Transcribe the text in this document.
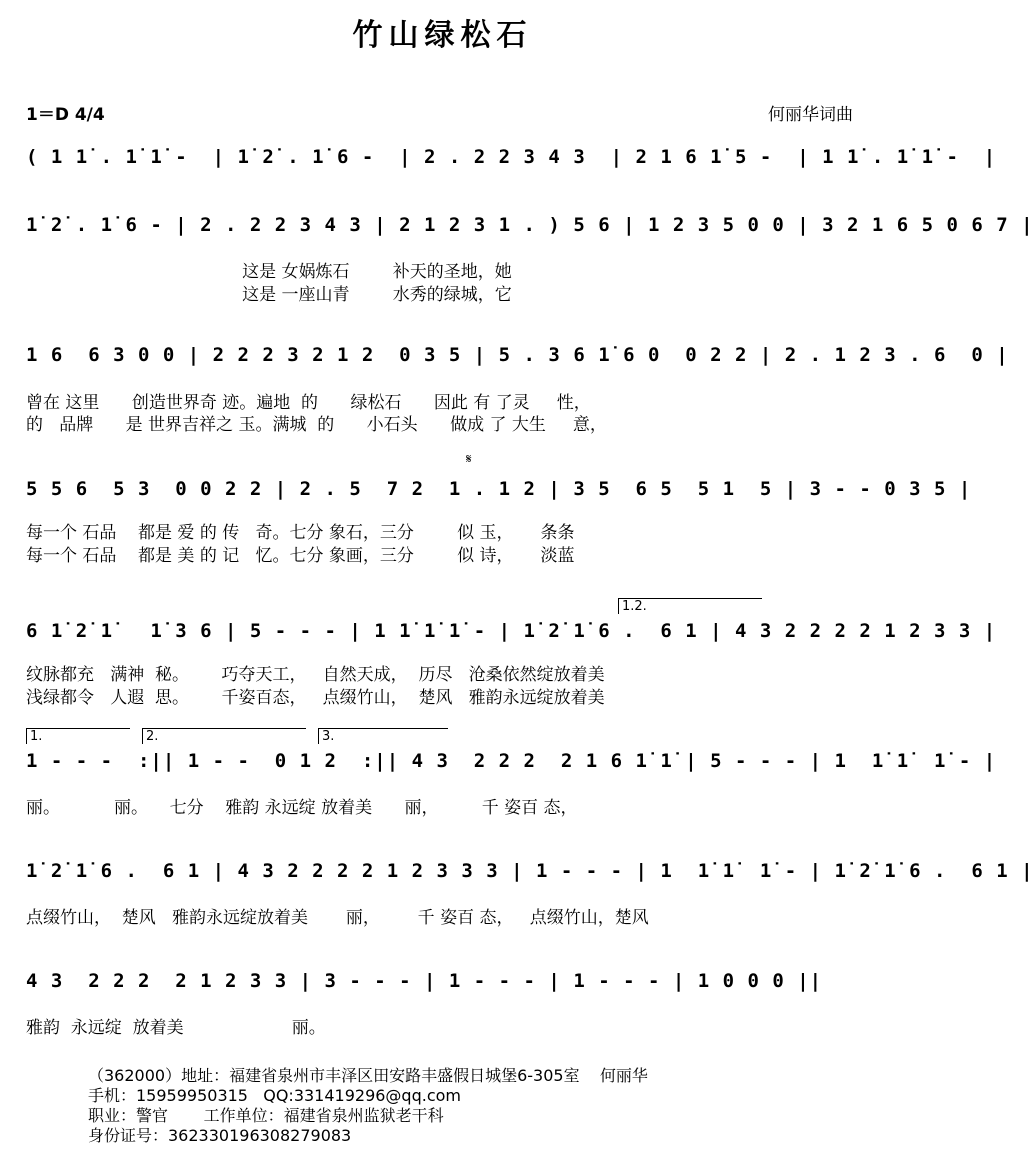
竹山绿松石
1＝D 4/4	何丽华词曲
( 1 1̇ . 1̇ 1̇ -  | 1̇ 2̇ . 1̇ 6 -  | 2 . 2 2 3 4 3  | 2 1 6 1̇ 5 -  | 1 1̇ . 1̇ 1̇ -  |
1̇ 2̇ . 1̇ 6 - | 2 . 2 2 3 4 3 | 2 1 2 3 1 . ) 5 6 | 1 2 3 5 0 0 | 3 2 1 6 5 0 6 7 |
这是 女娲炼石        补天的圣地，她
这是 一座山青        水秀的绿城，它
1 6  6 3 0 0 | 2 2 2 3 2 1 2  0 3 5 | 5 . 3 6 1̇ 6 0  0 2 2 | 2 . 1 2 3 . 6  0 |
曾在 这里      创造世界奇 迹。遍地  的      绿松石      因此 有 了灵     性，
的   品牌      是 世界吉祥之 玉。满城  的      小石头      做成 了 大生     意，
𝄋
5 5 6  5 3  0 0 2 2 | 2 . 5  7 2  1 . 1 2 | 3 5  6 5  5 1  5 | 3 - - 0 3 5 |
每一个 石品    都是 爱 的 传   奇。七分 象石，三分        似 玉，     条条
每一个 石品    都是 美 的 记   忆。七分 象画，三分        似 诗，     淡蓝
1.2.
6 1̇ 2̇ 1̇   1̇ 3 6 | 5 - - - | 1 1̇ 1̇ 1̇ - | 1̇ 2̇ 1̇ 6 .  6 1 | 4 3 2 2 2 2 1 2 3 3 |
纹脉都充   满神  秘。      巧夺天工，   自然天成，  历尽   沧桑依然绽放着美
浅绿都令   人遐  思。      千姿百态，   点缀竹山，  楚风   雅韵永远绽放着美
1.	2.	3.
1 - - -  :|| 1 - -  0 1 2  :|| 4 3  2 2 2  2 1 6 1̇ 1̇ | 5 - - - | 1  1̇ 1̇  1̇ - |
丽。          丽。    七分    雅韵 永远绽 放着美      丽，        千 姿百 态，
1̇ 2̇ 1̇ 6 .  6 1 | 4 3 2 2 2 2 1 2 3 3 3 | 1 - - - | 1  1̇ 1̇  1̇ - | 1̇ 2̇ 1̇ 6 .  6 1 |
点缀竹山，  楚风   雅韵永远绽放着美       丽，       千 姿百 态，   点缀竹山，楚风
4 3  2 2 2  2 1 2 3 3 | 3 - - - | 1 - - - | 1 - - - | 1 0 0 0 ||
雅韵  永远绽  放着美                    丽。
（362000）地址：福建省泉州市丰泽区田安路丰盛假日城堡6-305室    何丽华
手机：15959950315   QQ:331419296@qq.com
职业：警官       工作单位：福建省泉州监狱老干科
身份证号：362330196308279083
